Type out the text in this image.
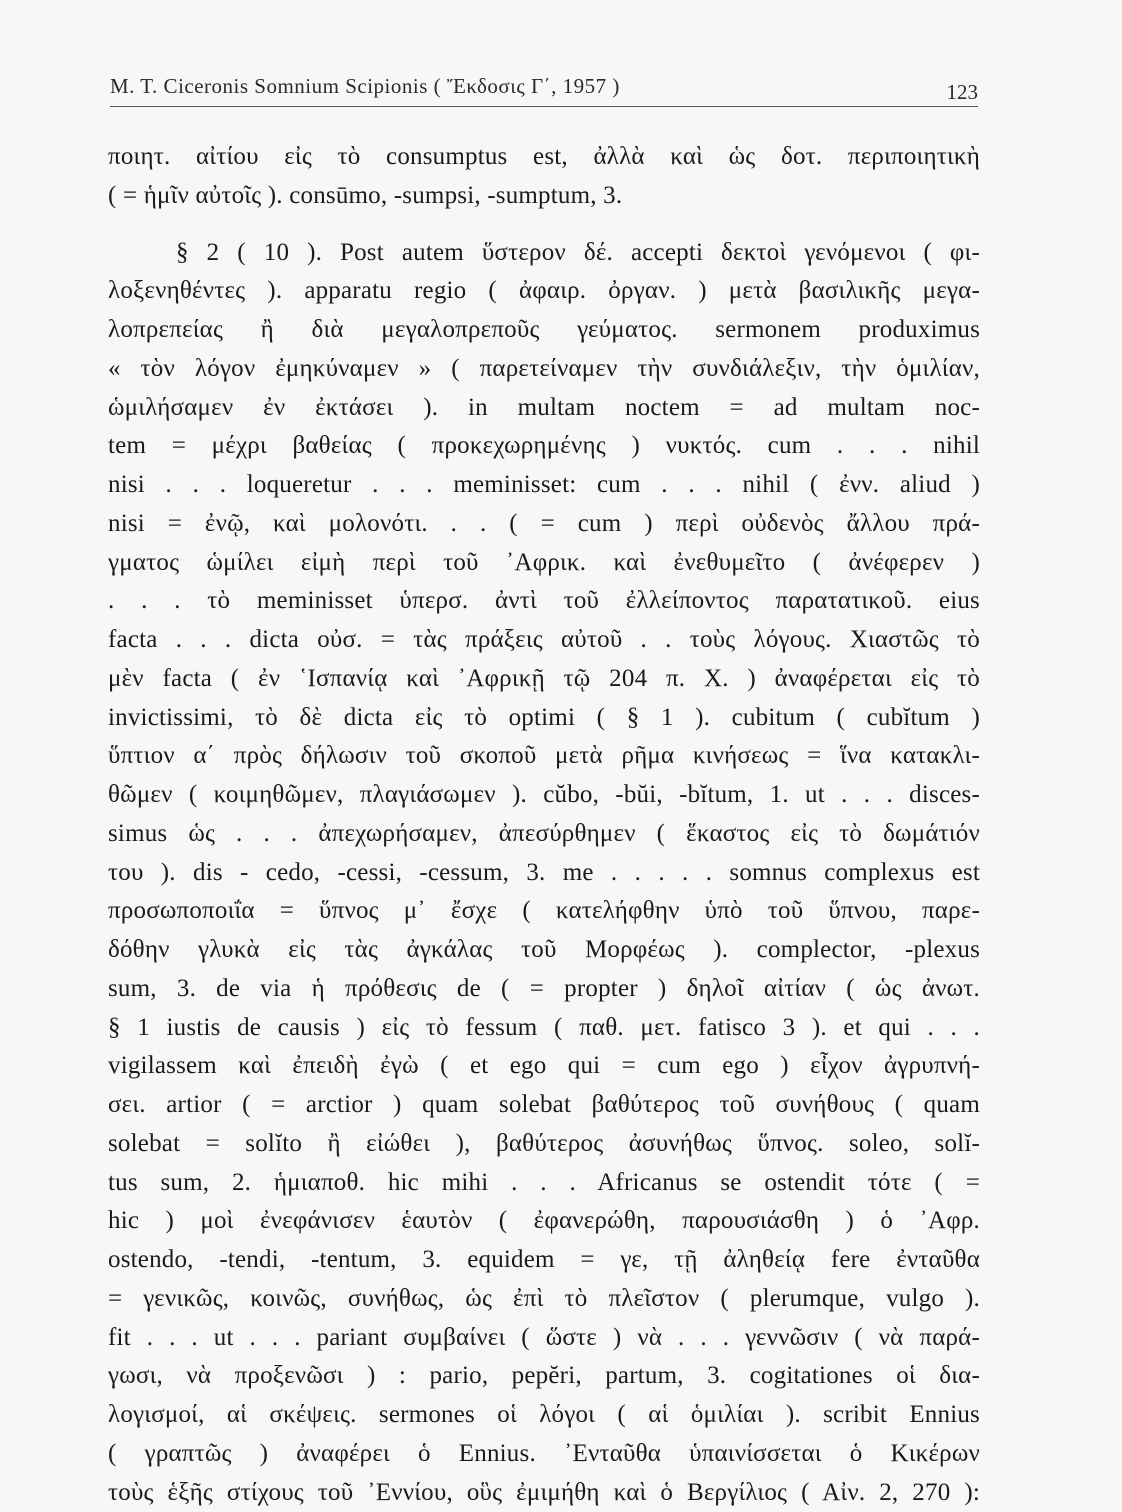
M. T. Ciceronis Somnium Scipionis ( Ἔκδοσις Γ΄, 1957 )	123
ποιητ. αἰτίου εἰς τὸ consumptus est, ἀλλὰ καὶ ὡς δοτ. περιποιητικὴ
( = ἡμῖν αὐτοῖς ). consūmo, -sumpsi, -sumptum, 3.
§ 2 ( 10 ). Post autem ὕστερον δέ. accepti δεκτοὶ γενόμενοι ( φι-
λοξενηθέντες ). apparatu regio ( ἀφαιρ. ὀργαν. ) μετὰ βασιλικῆς μεγα-
λοπρεπείας ἢ διὰ μεγαλοπρεποῦς γεύματος. sermonem produximus
« τὸν λόγον ἐμηκύναμεν » ( παρετείναμεν τὴν συνδιάλεξιν, τὴν ὁμιλίαν,
ὡμιλήσαμεν ἐν ἐκτάσει ). in multam noctem = ad multam noc-
tem = μέχρι βαθείας ( προκεχωρημένης ) νυκτός. cum . . . nihil
nisi . . . loqueretur . . . meminisset: cum . . . nihil ( ἐνν. aliud )
nisi = ἐνῷ, καὶ μολονότι. . . ( = cum ) περὶ οὐδενὸς ἄλλου πρά-
γματος ὡμίλει εἰμὴ περὶ τοῦ ᾽Αφρικ. καὶ ἐνεθυμεῖτο ( ἀνέφερεν )
. . . τὸ meminisset ὑπερσ. ἀντὶ τοῦ ἐλλείποντος παρατατικοῦ. eius
facta . . . dicta οὐσ. = τὰς πράξεις αὐτοῦ . . τοὺς λόγους. Χιαστῶς τὸ
μὲν facta ( ἐν ῾Ισπανίᾳ καὶ ᾽Αφρικῇ τῷ 204 π. Χ. ) ἀναφέρεται εἰς τὸ
invictissimi, τὸ δὲ dicta εἰς τὸ optimi ( § 1 ). cubitum ( cubĭtum )
ὕπτιον α΄ πρὸς δήλωσιν τοῦ σκοποῦ μετὰ ρῆμα κινήσεως = ἵνα κατακλι-
θῶμεν ( κοιμηθῶμεν, πλαγιάσωμεν ). cŭbo, -bŭi, -bĭtum, 1. ut . . . disces-
simus ὡς . . . ἀπεχωρήσαμεν, ἀπεσύρθημεν ( ἕκαστος εἰς τὸ δωμάτιόν
του ). dis - cedo, -cessi, -cessum, 3. me . . . . . somnus complexus est
προσωποποιΐα = ὕπνος μ᾽ ἔσχε ( κατελήφθην ὑπὸ τοῦ ὕπνου, παρε-
δόθην γλυκὰ εἰς τὰς ἀγκάλας τοῦ Μορφέως ). complector, -plexus
sum, 3. de via ἡ πρόθεσις de ( = propter ) δηλοῖ αἰτίαν ( ὡς ἀνωτ.
§ 1 iustis de causis ) εἰς τὸ fessum ( παθ. μετ. fatisco 3 ). et qui . . .
vigilassem καὶ ἐπειδὴ ἐγὼ ( et ego qui = cum ego ) εἶχον ἀγρυπνή-
σει. artior ( = arctior ) quam solebat βαθύτερος τοῦ συνήθους ( quam
solebat = solĭto ἢ εἰώθει ), βαθύτερος ἀσυνήθως ὕπνος. soleo, solĭ-
tus sum, 2. ἡμιαποθ. hic mihi . . . Africanus se ostendit τότε ( =
hic ) μοὶ ἐνεφάνισεν ἑαυτὸν ( ἐφανερώθη, παρουσιάσθη ) ὁ ᾽Αφρ.
ostendo, -tendi, -tentum, 3. equidem = γε, τῇ ἀληθείᾳ fere ἐνταῦθα
= γενικῶς, κοινῶς, συνήθως, ὡς ἐπὶ τὸ πλεῖστον ( plerumque, vulgo ).
fit . . . ut . . . pariant συμβαίνει ( ὥστε ) νὰ . . . γεννῶσιν ( νὰ παρά-
γωσι, νὰ προξενῶσι ) : pario, pepĕri, partum, 3. cogitationes οἱ δια-
λογισμοί, αἱ σκέψεις. sermones οἱ λόγοι ( αἱ ὁμιλίαι ). scribit Ennius
( γραπτῶς ) ἀναφέρει ὁ Ennius. ᾽Ενταῦθα ὑπαινίσσεται ὁ Κικέρων
τοὺς ἑξῆς στίχους τοῦ ᾽Εννίου, οὓς ἐμιμήθη καὶ ὁ Βεργίλιος ( Αἰν. 2, 270 ):
